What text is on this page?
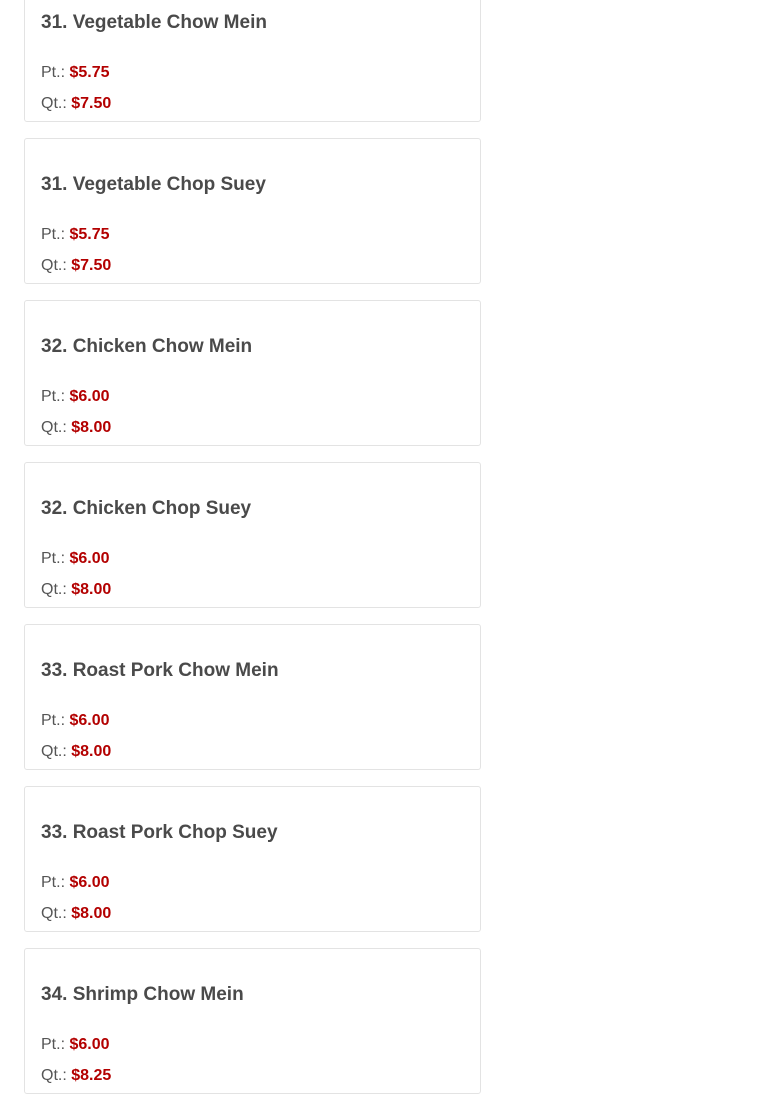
31. Vegetable Chow Mein
Pt.: $5.75
Qt.: $7.50
31. Vegetable Chop Suey
Pt.: $5.75
Qt.: $7.50
32. Chicken Chow Mein
Pt.: $6.00
Qt.: $8.00
32. Chicken Chop Suey
Pt.: $6.00
Qt.: $8.00
33. Roast Pork Chow Mein
Pt.: $6.00
Qt.: $8.00
33. Roast Pork Chop Suey
Pt.: $6.00
Qt.: $8.00
34. Shrimp Chow Mein
Pt.: $6.00
Qt.: $8.25
